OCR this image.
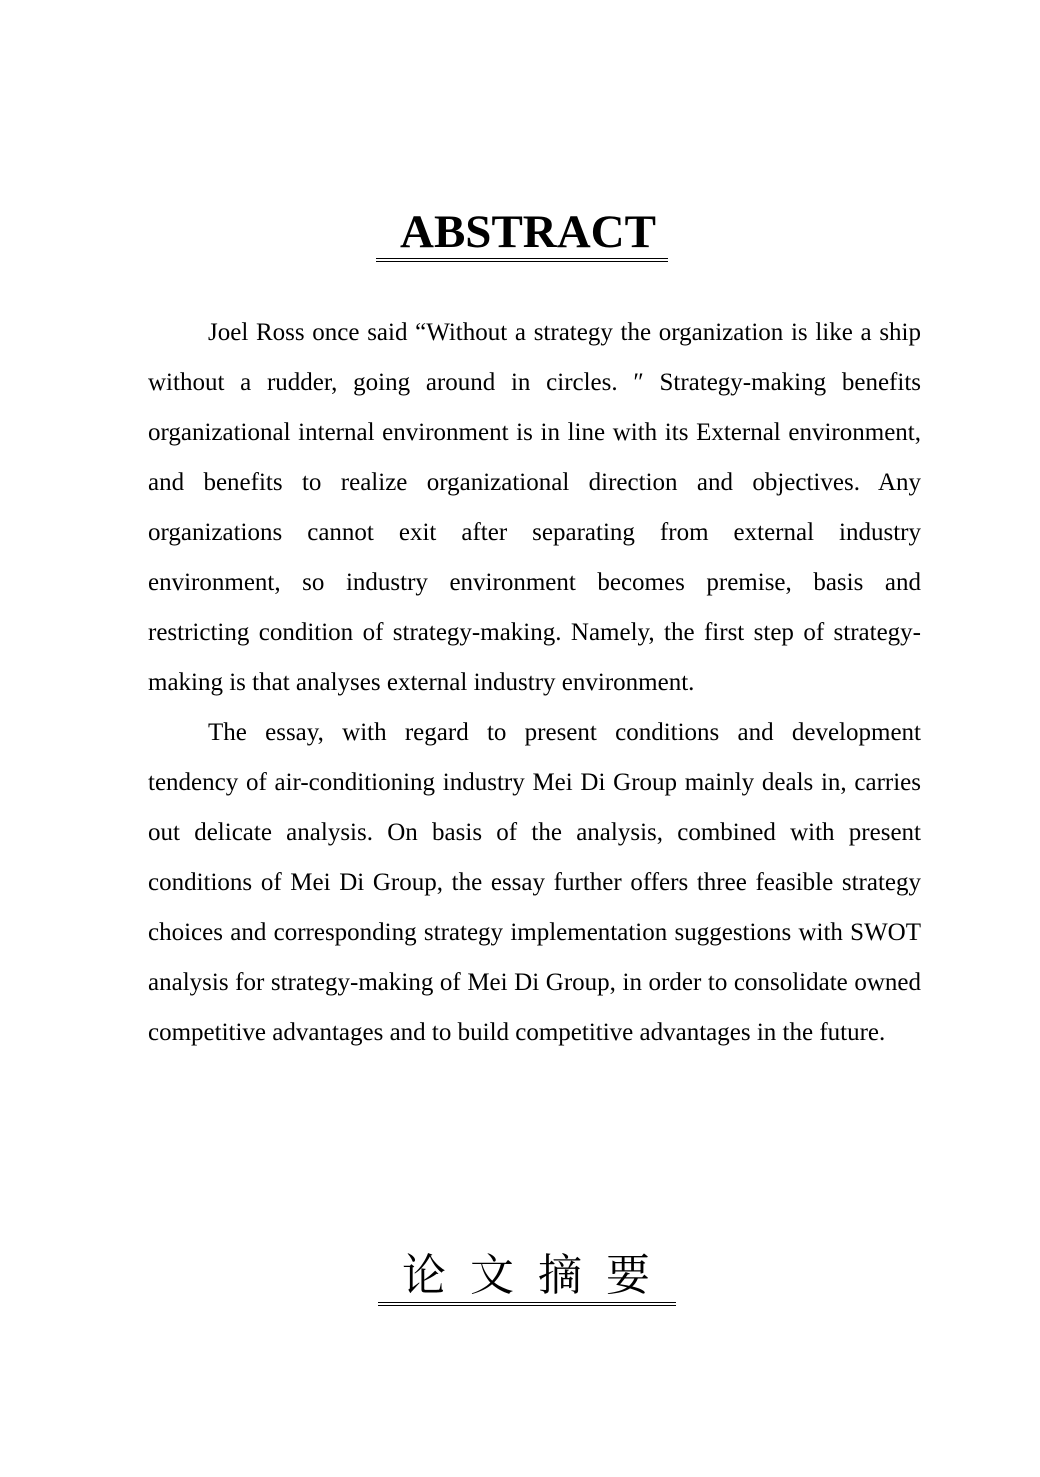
ABSTRACT

Joel Ross once said “Without a strategy the organization is like a ship without a rudder, going around in circles. ″ Strategy-making benefits organizational internal environment is in line with its External environment, and benefits to realize organizational direction and objectives. Any organizations cannot exit after separating from external industry environment, so industry environment becomes premise, basis and restricting condition of strategy-making. Namely, the first step of strategy-making is that analyses external industry environment.

The essay, with regard to present conditions and development tendency of air-conditioning industry Mei Di Group mainly deals in, carries out delicate analysis. On basis of the analysis, combined with present conditions of Mei Di Group, the essay further offers three feasible strategy choices and corresponding strategy implementation suggestions with SWOT analysis for strategy-making of Mei Di Group, in order to consolidate owned competitive advantages and to build competitive advantages in the future.

论文摘要
